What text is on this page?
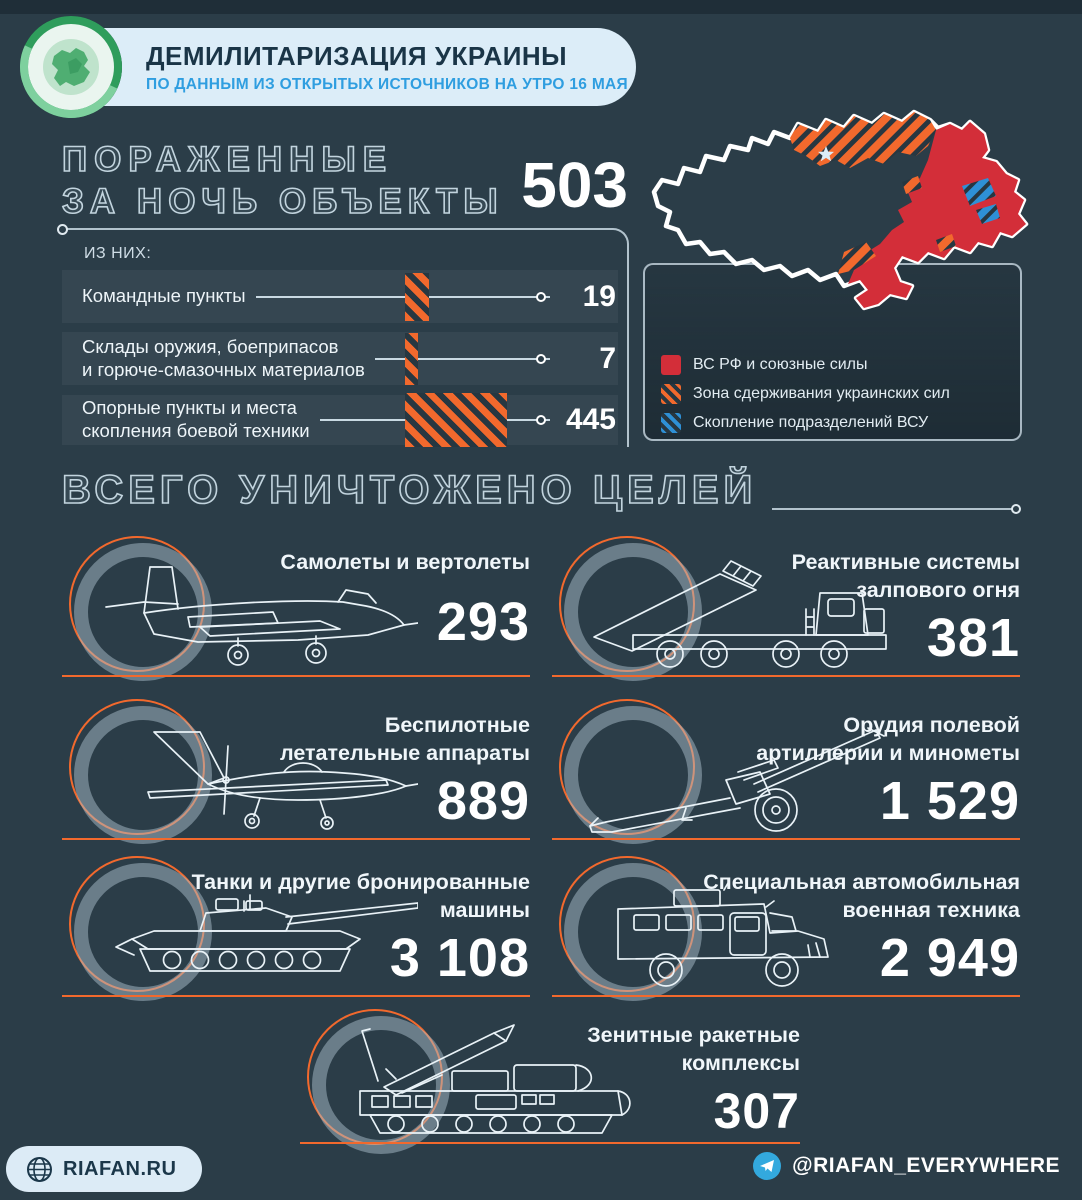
ДЕМИЛИТАРИЗАЦИЯ УКРАИНЫ
ПО ДАННЫМ ИЗ ОТКРЫТЫХ ИСТОЧНИКОВ НА УТРО 16 МАЯ
ПОРАЖЕННЫЕ
ЗА НОЧЬ ОБЪЕКТЫ 503
ИЗ НИХ:
Командные пункты	19
Склады оружия, боеприпасов
и горюче-смазочных материалов	7
Опорные пункты и места
скопления боевой техники	445
ВС РФ и союзные силы
Зона сдерживания украинских сил
Скопление подразделений ВСУ
ВСЕГО УНИЧТОЖЕНО ЦЕЛЕЙ
Самолеты и вертолеты
293
Реактивные системы
залпового огня
381
Беспилотные
летательные аппараты
889
Орудия полевой
артиллерии и минометы
1 529
Танки и другие бронированные
машины
3 108
Специальная автомобильная
военная техника
2 949
Зенитные ракетные
комплексы
307
RIAFAN.RU	@RIAFAN_EVERYWHERE
